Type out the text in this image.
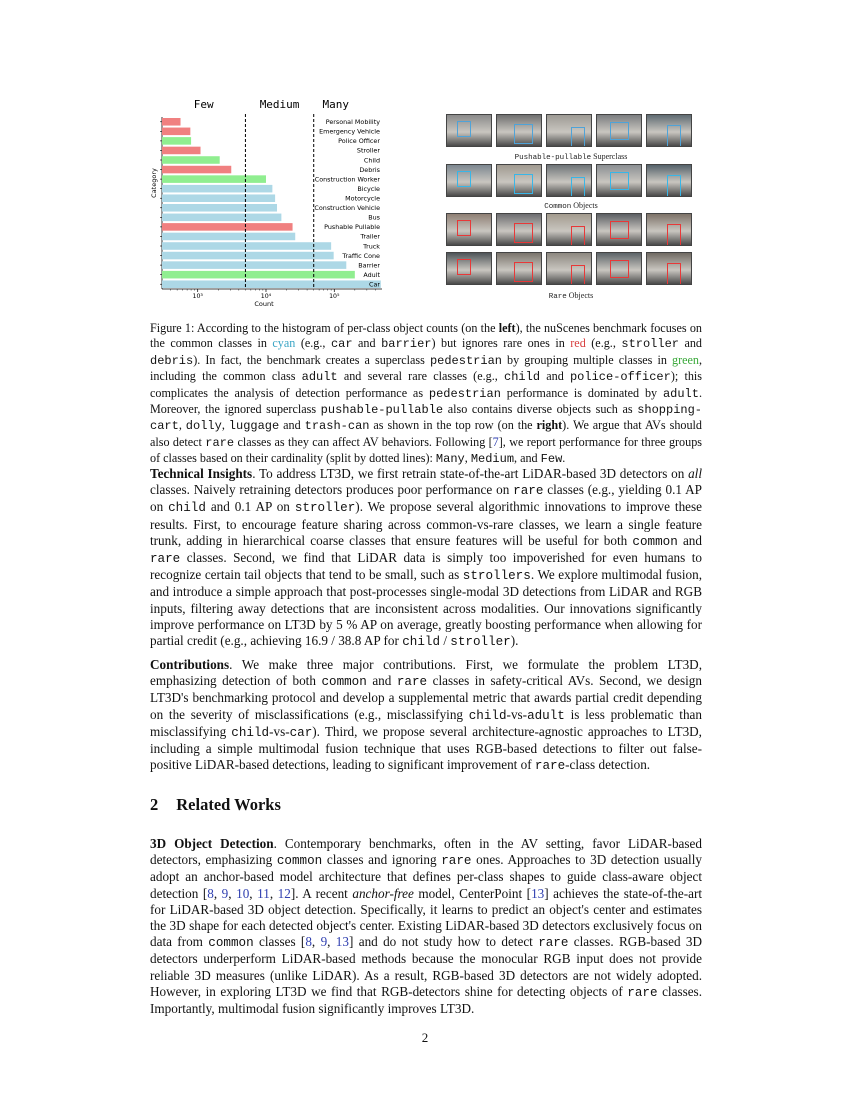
Personal Mobility
Emergency Vehicle
Police Officer
Stroller
Child
Debris
Construction Worker
Bicycle
Motorcycle
Construction Vehicle
Bus
Pushable Pullable
Trailer
Truck
Traffic Cone
Barrier
Adult
Car
Few	Medium Many
10³	10⁴	10⁵
Count
Category
Pushable-pullable Superclass
Common Objects
Rare Objects
Figure 1: According to the histogram of per-class object counts (on the left), the nuScenes benchmark focuses on the common classes in cyan (e.g., car and barrier) but ignores rare ones in red (e.g., stroller and debris). In fact, the benchmark creates a superclass pedestrian by grouping multiple classes in green, including the common class adult and several rare classes (e.g., child and police-officer); this complicates the analysis of detection performance as pedestrian performance is dominated by adult. Moreover, the ignored superclass pushable-pullable also contains diverse objects such as shopping-cart, dolly, luggage and trash-can as shown in the top row (on the right). We argue that AVs should also detect rare classes as they can affect AV behaviors. Following [7], we report performance for three groups of classes based on their cardinality (split by dotted lines): Many, Medium, and Few.
Technical Insights. To address LT3D, we first retrain state-of-the-art LiDAR-based 3D detectors on all classes. Naively retraining detectors produces poor performance on rare classes (e.g., yielding 0.1 AP on child and 0.1 AP on stroller). We propose several algorithmic innovations to improve these results. First, to encourage feature sharing across common-vs-rare classes, we learn a single feature trunk, adding in hierarchical coarse classes that ensure features will be useful for both common and rare classes. Second, we find that LiDAR data is simply too impoverished for even humans to recognize certain tail objects that tend to be small, such as strollers. We explore multimodal fusion, and introduce a simple approach that post-processes single-modal 3D detections from LiDAR and RGB inputs, filtering away detections that are inconsistent across modalities. Our innovations significantly improve performance on LT3D by 5 % AP on average, greatly boosting performance when allowing for partial credit (e.g., achieving 16.9 / 38.8 AP for child / stroller).
Contributions. We make three major contributions. First, we formulate the problem LT3D, emphasizing detection of both common and rare classes in safety-critical AVs. Second, we design LT3D's benchmarking protocol and develop a supplemental metric that awards partial credit depending on the severity of misclassifications (e.g., misclassifying child-vs-adult is less problematic than misclassifying child-vs-car). Third, we propose several architecture-agnostic approaches to LT3D, including a simple multimodal fusion technique that uses RGB-based detections to filter out false-positive LiDAR-based detections, leading to significant improvement of rare-class detection.
2 Related Works
3D Object Detection. Contemporary benchmarks, often in the AV setting, favor LiDAR-based detectors, emphasizing common classes and ignoring rare ones. Approaches to 3D detection usually adopt an anchor-based model architecture that defines per-class shapes to guide class-aware object detection [8, 9, 10, 11, 12]. A recent anchor-free model, CenterPoint [13] achieves the state-of-the-art for LiDAR-based 3D object detection. Specifically, it learns to predict an object's center and estimates the 3D shape for each detected object's center. Existing LiDAR-based 3D detectors exclusively focus on data from common classes [8, 9, 13] and do not study how to detect rare classes. RGB-based 3D detectors underperform LiDAR-based methods because the monocular RGB input does not provide reliable 3D measures (unlike LiDAR). As a result, RGB-based 3D detectors are not widely adopted. However, in exploring LT3D we find that RGB-detectors shine for detecting objects of rare classes. Importantly, multimodal fusion significantly improves LT3D.
2
